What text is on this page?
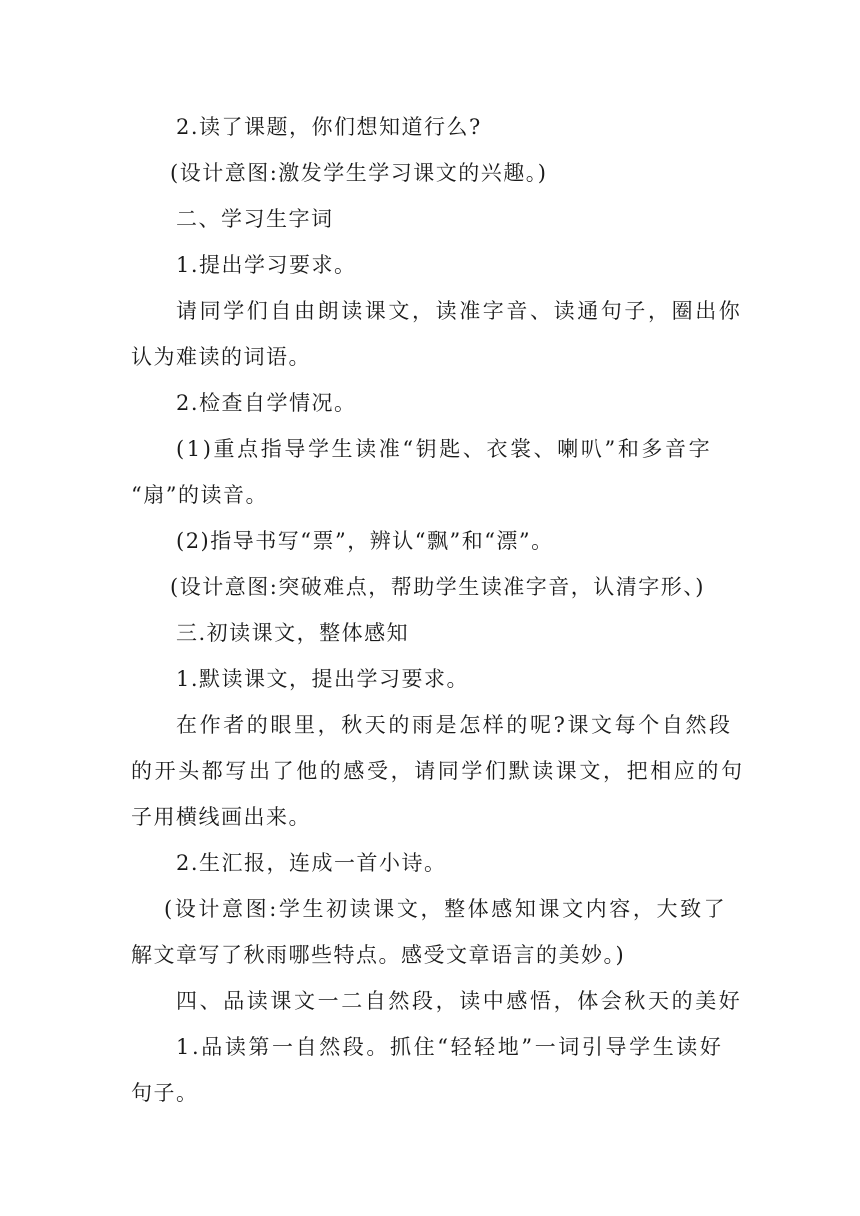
2.读了课题，你们想知道行么?
(设计意图:激发学生学习课文的兴趣。)
二、学习生字词
1.提出学习要求。
请同学们自由朗读课文，读准字音、读通句子，圈出你
认为难读的词语。
2.检查自学情况。
(1)重点指导学生读准“钥匙、衣裳、喇叭”和多音字
“扇”的读音。
(2)指导书写“票”，辨认“飘”和“漂”。
(设计意图:突破难点，帮助学生读准字音，认清字形、)
三.初读课文，整体感知
1.默读课文，提出学习要求。
在作者的眼里，秋天的雨是怎样的呢?课文每个自然段
的开头都写出了他的感受，请同学们默读课文，把相应的句
子用横线画出来。
2.生汇报，连成一首小诗。
(设计意图:学生初读课文，整体感知课文内容，大致了
解文章写了秋雨哪些特点。感受文章语言的美妙。)
四、品读课文一二自然段，读中感悟，体会秋天的美好
1.品读第一自然段。抓住“轻轻地”一词引导学生读好
句子。
